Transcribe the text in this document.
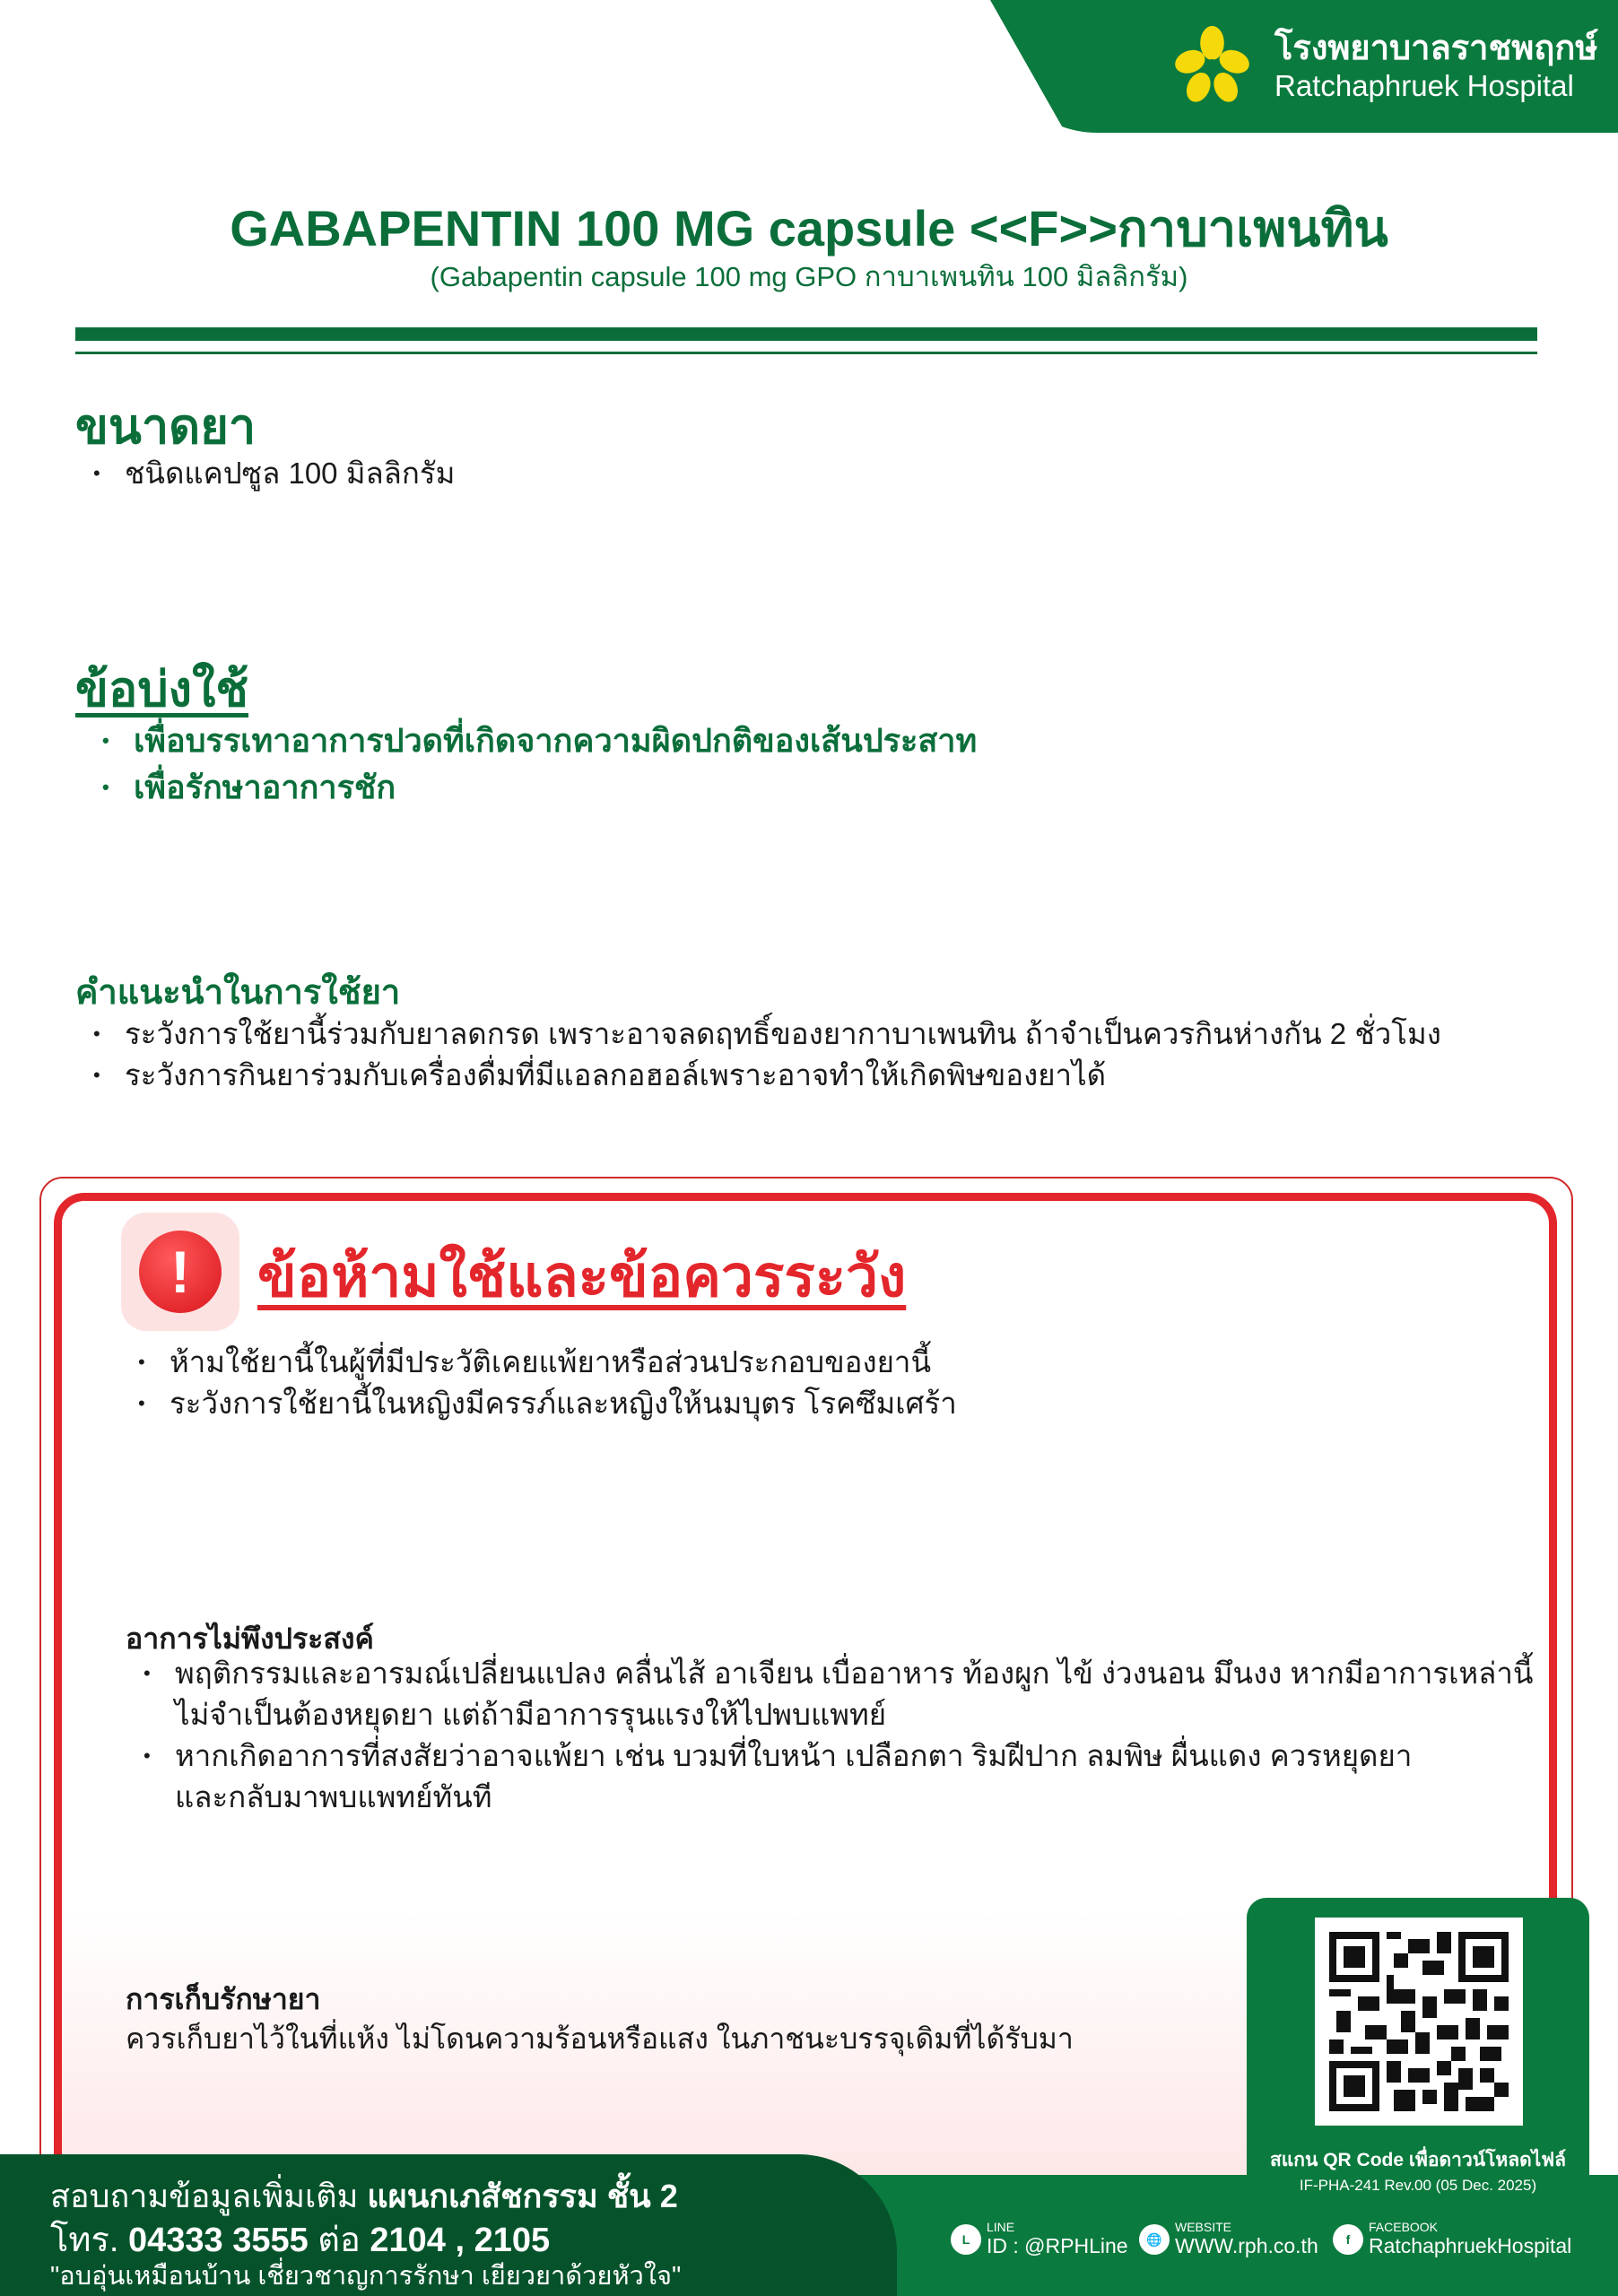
โรงพยาบาลราชพฤกษ์
Ratchaphruek Hospital
GABAPENTIN 100 MG capsule <<F>>กาบาเพนทิน
(Gabapentin capsule 100 mg GPO กาบาเพนทิน 100 มิลลิกรัม)
ขนาดยา
• ชนิดแคปซูล 100 มิลลิกรัม
ข้อบ่งใช้
• เพื่อบรรเทาอาการปวดที่เกิดจากความผิดปกติของเส้นประสาท
• เพื่อรักษาอาการชัก
คำแนะนำในการใช้ยา
• ระวังการใช้ยานี้ร่วมกับยาลดกรด เพราะอาจลดฤทธิ์ของยากาบาเพนทิน ถ้าจำเป็นควรกินห่างกัน 2 ชั่วโมง
• ระวังการกินยาร่วมกับเครื่องดื่มที่มีแอลกอฮอล์เพราะอาจทำให้เกิดพิษของยาได้
!	ข้อห้ามใช้และข้อควรระวัง
• ห้ามใช้ยานี้ในผู้ที่มีประวัติเคยแพ้ยาหรือส่วนประกอบของยานี้
• ระวังการใช้ยานี้ในหญิงมีครรภ์และหญิงให้นมบุตร โรคซึมเศร้า
อาการไม่พึงประสงค์
• พฤติกรรมและอารมณ์เปลี่ยนแปลง คลื่นไส้ อาเจียน เบื่ออาหาร ท้องผูก ไข้ ง่วงนอน มึนงง หากมีอาการเหล่านี้
ไม่จำเป็นต้องหยุดยา แต่ถ้ามีอาการรุนแรงให้ไปพบแพทย์
• หากเกิดอาการที่สงสัยว่าอาจแพ้ยา เช่น บวมที่ใบหน้า เปลือกตา ริมฝีปาก ลมพิษ ผื่นแดง ควรหยุดยา
และกลับมาพบแพทย์ทันที
การเก็บรักษายา
ควรเก็บยาไว้ในที่แห้ง ไม่โดนความร้อนหรือแสง ในภาชนะบรรจุเดิมที่ได้รับมา
สแกน QR Code เพื่อดาวน์โหลดไฟล์
IF-PHA-241 Rev.00 (05 Dec. 2025)
สอบถามข้อมูลเพิ่มเติม แผนกเภสัชกรรม ชั้น 2
โทร. 04333 3555 ต่อ 2104 , 2105
"อบอุ่นเหมือนบ้าน เชี่ยวชาญการรักษา เยียวยาด้วยหัวใจ"
L
LINE
ID : @RPHLine	🌐
WEBSITE
WWW.rph.co.th	f
FACEBOOK
RatchaphruekHospital
